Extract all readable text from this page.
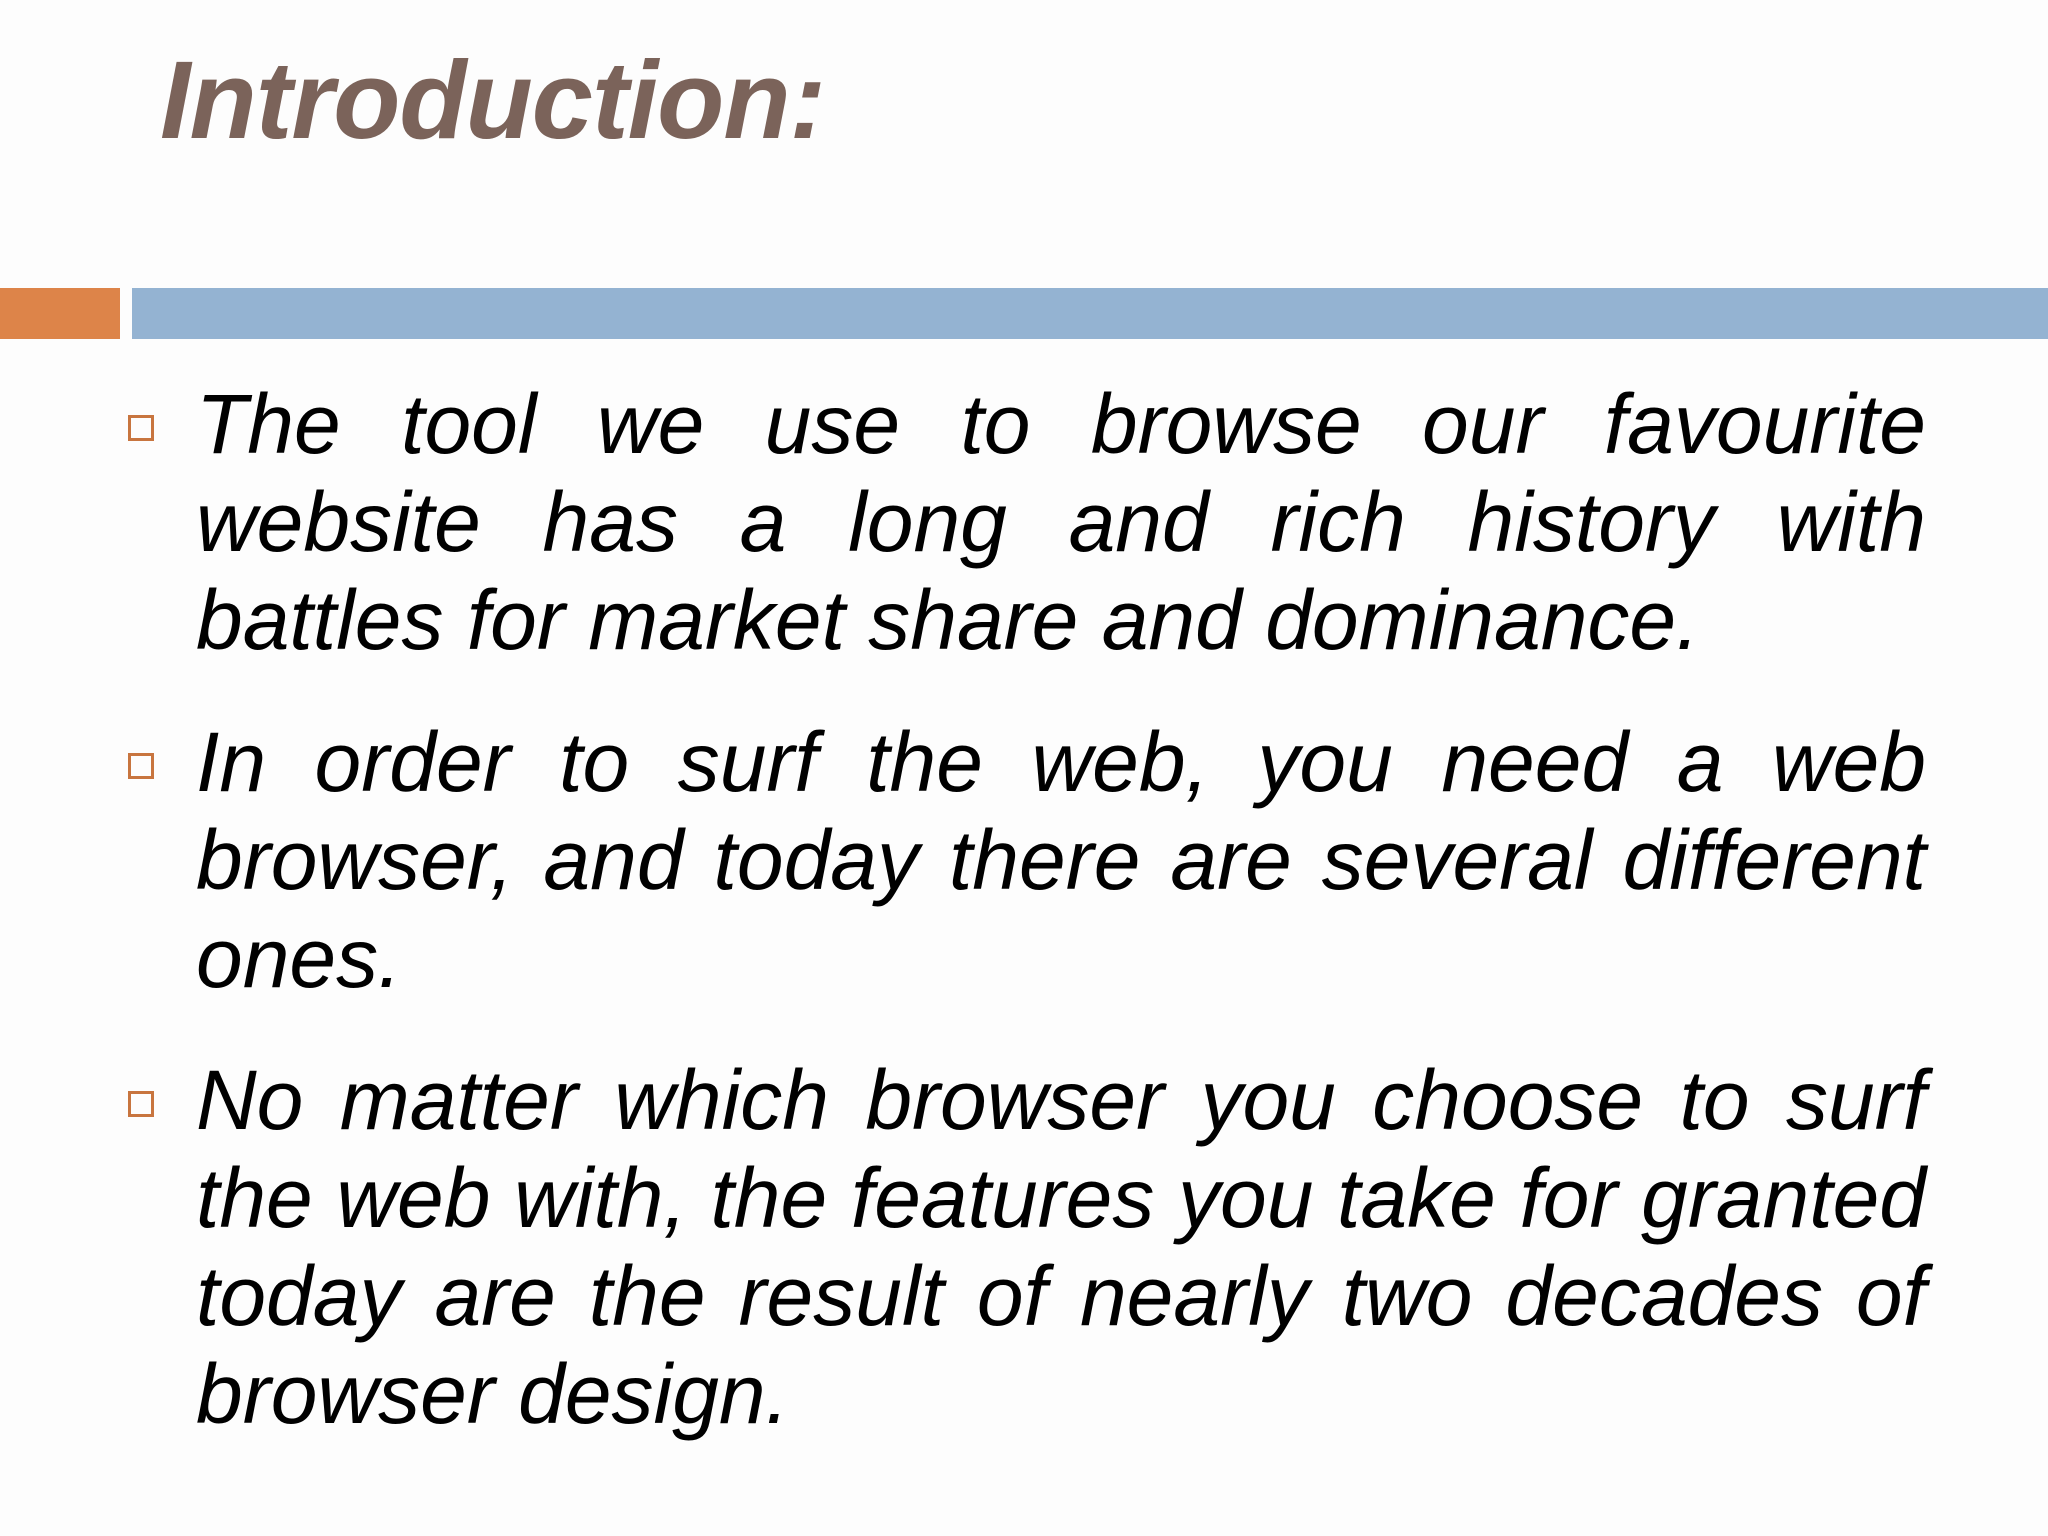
Introduction:

The tool we use to browse our favourite website has a long and rich history with battles for market share and dominance.

In order to surf the web, you need a web browser, and today there are several different ones.

No matter which browser you choose to surf the web with, the features you take for granted today are the result of nearly two decades of browser design.
